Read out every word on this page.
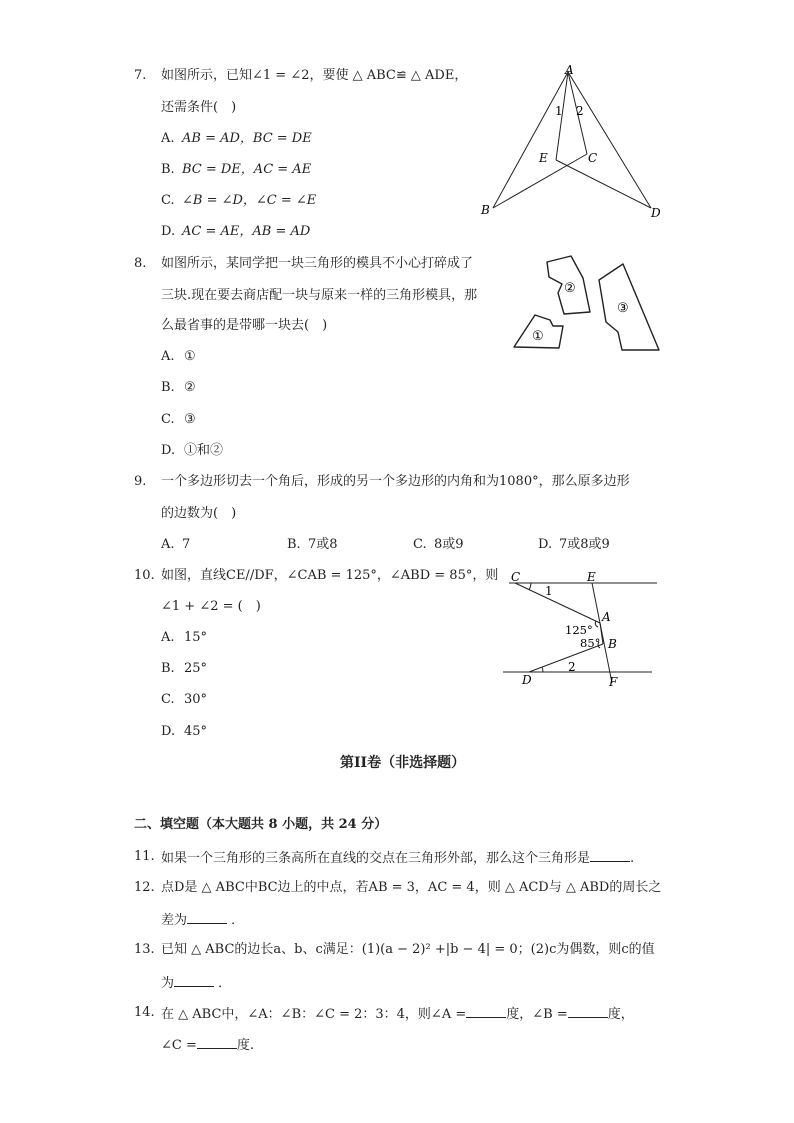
7. 如图所示，已知∠1 = ∠2，要使 △ ABC≌ △ ADE，
还需条件(　)
A. AB = AD，BC = DE
B. BC = DE，AC = AE
C. ∠B = ∠D，∠C = ∠E
D. AC = AE，AB = AD
A
B
C
D
E
1 2
8. 如图所示，某同学把一块三角形的模具不小心打碎成了
三块.现在要去商店配一块与原来一样的三角形模具，那
么最省事的是带哪一块去(　)
A. ①
B. ②
C. ③
D. ①和②
①
②
③
9. 一个多边形切去一个角后，形成的另一个多边形的内角和为1080°，那么原多边形
的边数为(　)
A. 7	B. 7或8	C. 8或9	D. 7或8或9
10. 如图，直线CE//DF，∠CAB = 125°，∠ABD = 85°，则
∠1 + ∠2 = (　)
A. 15°
B. 25°
C. 30°
D. 45°
C	E
A
B
D	F
1
2
125°
85°
第II卷（非选择题）
二、填空题（本大题共 8 小题，共 24 分）
11. 如果一个三角形的三条高所在直线的交点在三角形外部，那么这个三角形是	.
12. 点D是 △ ABC中BC边上的中点，若AB = 3，AC = 4，则 △ ACD与 △ ABD的周长之
差为	．
13. 已知 △ ABC的边长a、b、c满足：(1)(a − 2)² +|b − 4| = 0；(2)c为偶数，则c的值
为	．
14. 在 △ ABC中，∠A：∠B：∠C = 2：3：4，则∠A =	度，∠B =	度，
∠C =	度.
